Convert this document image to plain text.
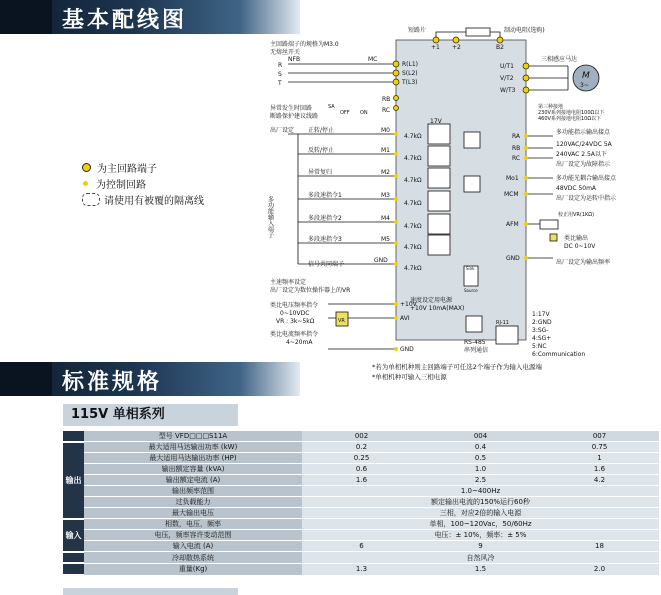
基本配线图
标准规格
为主回路端子
为控制回路
请使用有被覆的隔离线
短路片	制动电阻(选购)
主回路端子的规格为M3.0
无熔丝开关
NFB
+1 +2	B2
MC	三相感应马达
M
3~
第三种接地
230V系列接地电阻100Ω以下
460V系列接地电阻10Ω以下
异常发生时回路
断路保护建议线路
SA
OFF ON
RB
RC
R
S
T
R(L1)
S(L2)
T(L3)
U/T1
V/T2
W/T3
出厂设定
多功能输入端子
正转/停止
反转/停止
异常复归
多段速指令1
多段速指令2
多段速指令3
信号共同端子
M0
M1
M2
M3
M4
M5
GND
4.7kΩ
4.7kΩ
4.7kΩ
4.7kΩ
4.7kΩ
4.7kΩ
4.7kΩ
17V
RA
RB
RC
多功能指示输出接点
120VAC/24VDC 5A
240VAC 2.5A以下
出厂设定为故障指示
Mo1
MCM
多功能光耦合输出接点
48VDC 50mA
出厂设定为运转中指示
AFM
校正用VR(1KΩ)
类比输出
DC 0~10V
GND
出厂设定为输出频率
主速频率设定
出厂设定为数位操作器上的VR
速度设定用电源
+10V 10mA(MAX)
类比电压频率指令
0~10VDC
VR : 3k~5kΩ	VR
类比电流频率指令
4~20mA
+10V
AVI
GND
Sink
Source
RJ-11
RS-485
串列通信
1:17V
2:GND
3:SG-
4:SG+
5:NC
6:Communication
*若为单相机种则主回路端子可任选2个端子作为输入电源端
*单相机种可输入三相电源
115V 单相系列
	型号 VFD□□□S11A	002	004	007
输出	最大适用马达输出功率 (kW)	0.2	0.4	0.75
	最大适用马达输出功率 (HP)	0.25	0.5	1
	输出额定容量 (kVA)	0.6	1.0	1.6
	输出额定电流 (A)	1.6	2.5	4.2
	输出频率范围	1.0~400Hz		
	过负载能力	额定输出电流的150%运行60秒		
	最大输出电压	三相，对应2倍的输入电源		
输入	相数，电压，频率	单相，100~120Vac，50/60Hz		
	电压，频率容许变动范围	电压：± 10%，频率：± 5%		
	输入电流 (A)	6	9	18
	冷却散热系统	自然风冷		
	重量(Kg)	1.3	1.5	2.0
